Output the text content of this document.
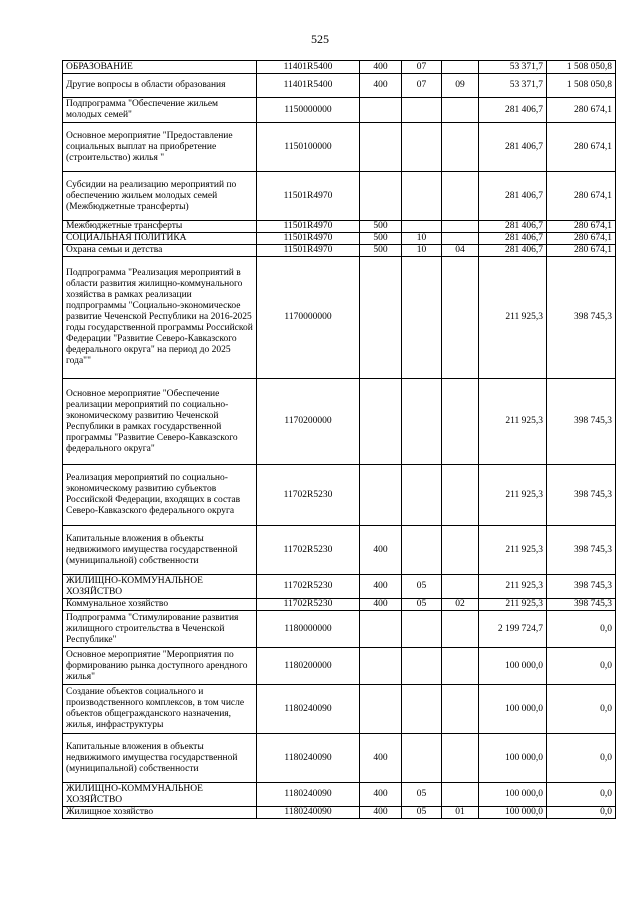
525
ОБРАЗОВАНИЕ	11401R5400	400	07		53 371,7	1 508 050,8
Другие вопросы в области образования	11401R5400	400	07	09	53 371,7	1 508 050,8
Подпрограмма "Обеспечение жильем молодых семей"	1150000000				281 406,7	280 674,1
Основное мероприятие "Предоставление социальных выплат на приобретение (строительство) жилья "	1150100000				281 406,7	280 674,1
Субсидии на реализацию мероприятий по обеспечению жильем молодых семей (Межбюджетные трансферты)	11501R4970				281 406,7	280 674,1
Межбюджетные трансферты	11501R4970	500			281 406,7	280 674,1
СОЦИАЛЬНАЯ ПОЛИТИКА	11501R4970	500	10		281 406,7	280 674,1
Охрана семьи и детства	11501R4970	500	10	04	281 406,7	280 674,1
Подпрограмма "Реализация мероприятий в области развития жилищно-коммунального хозяйства в рамках реализации подпрограммы "Социально-экономическое развитие Чеченской Республики на 2016-2025 годы государственной программы Российской Федерации "Развитие Северо-Кавказского федерального округа" на период до 2025 года""	1170000000				211 925,3	398 745,3
Основное мероприятие "Обеспечение реализации мероприятий по социально-экономическому развитию Чеченской Республики в рамках государственной программы "Развитие Северо-Кавказского федерального округа"	1170200000				211 925,3	398 745,3
Реализация мероприятий по социально-экономическому развитию субъектов Российской Федерации, входящих в состав Северо-Кавказского федерального округа	11702R5230				211 925,3	398 745,3
Капитальные вложения в объекты недвижимого имущества государственной (муниципальной) собственности	11702R5230	400			211 925,3	398 745,3
ЖИЛИЩНО-КОММУНАЛЬНОЕ ХОЗЯЙСТВО	11702R5230	400	05		211 925,3	398 745,3
Коммунальное хозяйство	11702R5230	400	05	02	211 925,3	398 745,3
Подпрограмма "Стимулирование развития жилищного строительства в Чеченской Республике"	1180000000				2 199 724,7	0,0
Основное мероприятие "Мероприятия по формированию рынка доступного арендного жилья"	1180200000				100 000,0	0,0
Создание объектов социального и производственного комплексов, в том числе объектов общегражданского назначения, жилья, инфраструктуры	1180240090				100 000,0	0,0
Капитальные вложения в объекты недвижимого имущества государственной (муниципальной) собственности	1180240090	400			100 000,0	0,0
ЖИЛИЩНО-КОММУНАЛЬНОЕ ХОЗЯЙСТВО	1180240090	400	05		100 000,0	0,0
Жилищное хозяйство	1180240090	400	05	01	100 000,0	0,0
